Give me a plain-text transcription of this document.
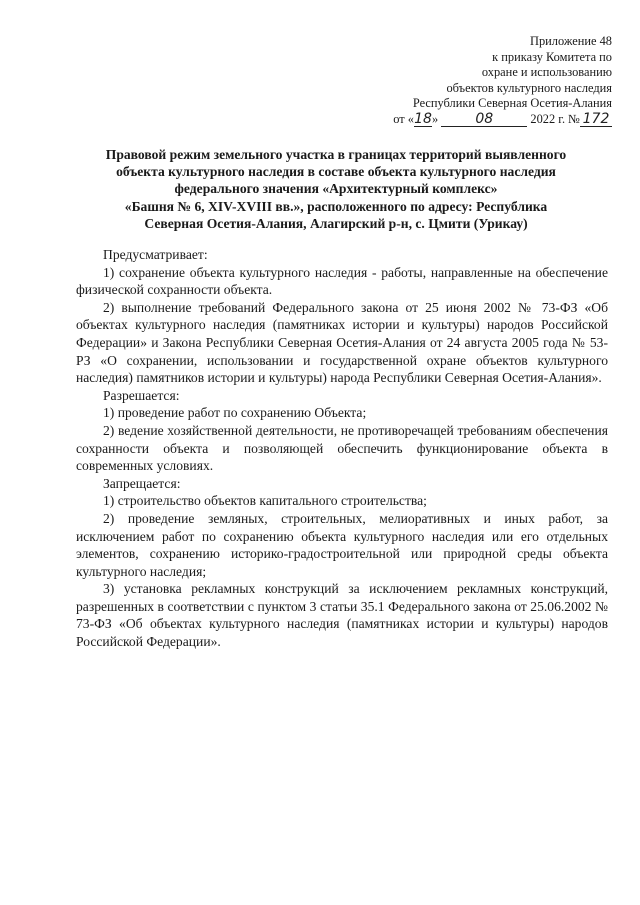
Приложение 48
к приказу Комитета по
охране и использованию
объектов культурного наследия
Республики Северная Осетия-Алания
от «18»	08	2022 г. № 172
Правовой режим земельного участка в границах территорий выявленного
объекта культурного наследия в составе объекта культурного наследия
федерального значения «Архитектурный комплекс»
«Башня № 6, XIV-XVIII вв.», расположенного по адресу: Республика
Северная Осетия-Алания, Алагирский р-н, с. Цмити (Урикау)

Предусматривает:

1) сохранение объекта культурного наследия - работы, направленные на обеспечение физической сохранности объекта.

2) выполнение требований Федерального закона от 25 июня 2002 № 73-ФЗ «Об объектах культурного наследия (памятниках истории и культуры) народов Российской Федерации» и Закона Республики Северная Осетия-Алания от 24 августа 2005 года № 53-РЗ «О сохранении, использовании и государственной охране объектов культурного наследия) памятников истории и культуры) народа Республики Северная Осетия-Алания».

Разрешается:

1) проведение работ по сохранению Объекта;

2) ведение хозяйственной деятельности, не противоречащей требованиям обеспечения сохранности объекта и позволяющей обеспечить функционирование объекта в современных условиях.

Запрещается:

1) строительство объектов капитального строительства;

2) проведение земляных, строительных, мелиоративных и иных работ, за исключением работ по сохранению объекта культурного наследия или его отдельных элементов, сохранению историко-градостроительной или природной среды объекта культурного наследия;

3) установка рекламных конструкций за исключением рекламных конструкций, разрешенных в соответствии с пунктом 3 статьи 35.1 Федерального закона от 25.06.2002 № 73-ФЗ «Об объектах культурного наследия (памятниках истории и культуры) народов Российской Федерации».
